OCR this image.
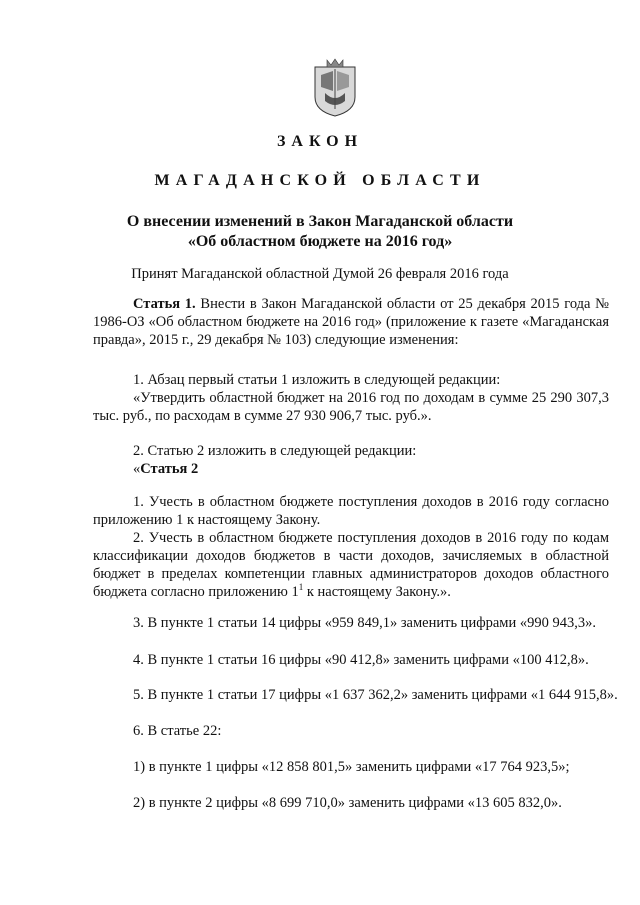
ЗАКОН
МАГАДАНСКОЙ ОБЛАСТИ
О внесении изменений в Закон Магаданской области
«Об областном бюджете на 2016 год»
Принят Магаданской областной Думой 26 февраля 2016 года
Статья 1. Внести в Закон Магаданской области от 25 декабря 2015 года № 1986-ОЗ «Об областном бюджете на 2016 год» (приложение к газете «Магаданская правда», 2015 г., 29 декабря № 103) следующие изменения:
1. Абзац первый статьи 1 изложить в следующей редакции:
«Утвердить областной бюджет на 2016 год по доходам в сумме 25 290 307,3 тыс. руб., по расходам в сумме 27 930 906,7 тыс. руб.».
2. Статью 2 изложить в следующей редакции:
«Статья 2
1. Учесть в областном бюджете поступления доходов в 2016 году согласно приложению 1 к настоящему Закону.
2. Учесть в областном бюджете поступления доходов в 2016 году по кодам классификации доходов бюджетов в части доходов, зачисляемых в областной бюджет в пределах компетенции главных администраторов доходов областного бюджета согласно приложению $1^1$ к настоящему Закону.».
3. В пункте 1 статьи 14 цифры «959 849,1» заменить цифрами «990 943,3».
4. В пункте 1 статьи 16 цифры «90 412,8» заменить цифрами «100 412,8».
5. В пункте 1 статьи 17 цифры «1 637 362,2» заменить цифрами «1 644 915,8».
6. В статье 22:
1) в пункте 1 цифры «12 858 801,5» заменить цифрами «17 764 923,5»;
2) в пункте 2 цифры «8 699 710,0» заменить цифрами «13 605 832,0».
